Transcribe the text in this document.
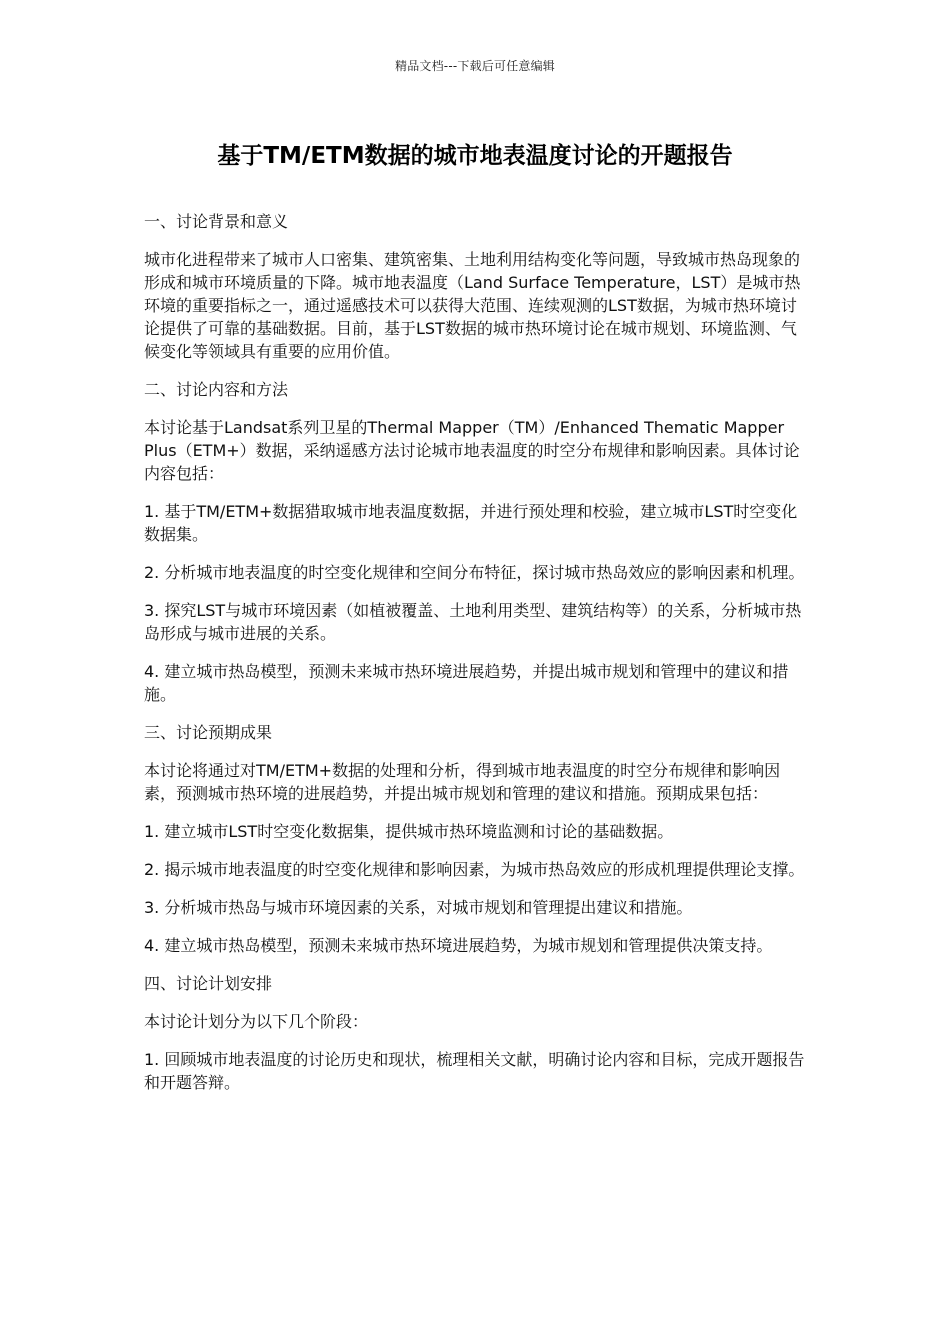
精品文档---下载后可任意编辑
基于TM/ETM数据的城市地表温度讨论的开题报告

一、讨论背景和意义

城市化进程带来了城市人口密集、建筑密集、土地利用结构变化等问题，导致城市热岛现象的形成和城市环境质量的下降。城市地表温度（Land Surface Temperature，LST）是城市热环境的重要指标之一，通过遥感技术可以获得大范围、连续观测的LST数据，为城市热环境讨论提供了可靠的基础数据。目前，基于LST数据的城市热环境讨论在城市规划、环境监测、气候变化等领域具有重要的应用价值。

二、讨论内容和方法

本讨论基于Landsat系列卫星的Thermal Mapper（TM）/Enhanced Thematic Mapper Plus（ETM+）数据，采纳遥感方法讨论城市地表温度的时空分布规律和影响因素。具体讨论内容包括：

1. 基于TM/ETM+数据猎取城市地表温度数据，并进行预处理和校验，建立城市LST时空变化数据集。

2. 分析城市地表温度的时空变化规律和空间分布特征，探讨城市热岛效应的影响因素和机理。

3. 探究LST与城市环境因素（如植被覆盖、土地利用类型、建筑结构等）的关系，分析城市热岛形成与城市进展的关系。

4. 建立城市热岛模型，预测未来城市热环境进展趋势，并提出城市规划和管理中的建议和措施。

三、讨论预期成果

本讨论将通过对TM/ETM+数据的处理和分析，得到城市地表温度的时空分布规律和影响因素，预测城市热环境的进展趋势，并提出城市规划和管理的建议和措施。预期成果包括：

1. 建立城市LST时空变化数据集，提供城市热环境监测和讨论的基础数据。

2. 揭示城市地表温度的时空变化规律和影响因素，为城市热岛效应的形成机理提供理论支撑。

3. 分析城市热岛与城市环境因素的关系，对城市规划和管理提出建议和措施。

4. 建立城市热岛模型，预测未来城市热环境进展趋势，为城市规划和管理提供决策支持。

四、讨论计划安排

本讨论计划分为以下几个阶段：

1. 回顾城市地表温度的讨论历史和现状，梳理相关文献，明确讨论内容和目标，完成开题报告和开题答辩。
